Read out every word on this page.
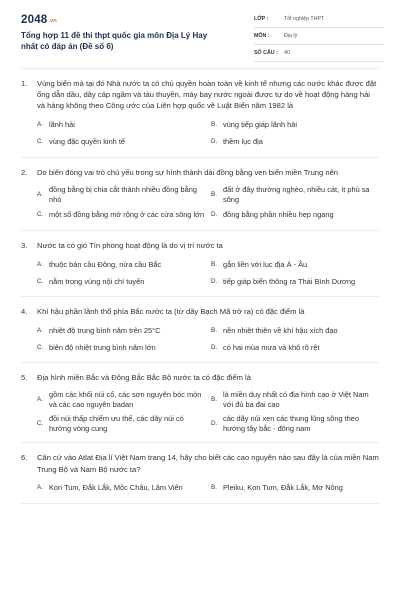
2048.vn
Tổng hợp 11 đề thi thpt quốc gia môn Địa Lý Hay nhất có đáp án (Đề số 6)
LỚP :	Tốt nghiệp THPT
MÔN :	Địa lý
SỐ CÂU : 40
1. Vùng biển mà tại đó Nhà nước ta có chủ quyền hoàn toàn về kinh tế nhưng các nước khác được đặt ống dẫn dầu, dây cáp ngầm và tàu thuyền, máy bay nước ngoài được tự do về hoạt động hàng hải và hàng không theo Công ước của Liên hợp quốc về Luật Biển năm 1982 là
A. lãnh hải	B. vùng tiếp giáp lãnh hải
C. vùng đặc quyền kinh tế	D. thềm lục địa
2. Do biển đóng vai trò chủ yếu trong sự hình thành dải đồng bằng ven biển miền Trung nên
A.
đồng bằng bị chia cắt thành nhiều đồng bằng nhỏ
B.
đất ở đây thường nghèo, nhiều cát, ít phù sa sông
C. một số đồng bằng mở rộng ở các cửa sông lớn D. đồng bằng phần nhiều hẹp ngang
3. Nước ta có gió Tín phong hoạt động là do vị trí nước ta
A. thuộc bán cầu Đông, nửa cầu Bắc	B. gắn liền với lục địa Á - Âu
C. nằm trong vùng nội chí tuyến	D. tiếp giáp biển thông ra Thái Bình Dương
4. Khí hậu phần lãnh thổ phía Bắc nước ta (từ dãy Bạch Mã trở ra) có đặc điểm là
A. nhiệt độ trung bình năm trên 25°C	B. nền nhiệt thiên về khí hậu xích đạo
C. biên độ nhiệt trung bình năm lớn	D. có hai mùa mưa và khô rõ rệt
5. Địa hình miền Bắc và Đông Bắc Bắc Bộ nước ta có đặc điểm là
A.
gồm các khối núi cổ, các sơn nguyên bóc mòn và các cao nguyên badan
B.
là miền duy nhất có địa hình cao ở Việt Nam với đủ ba đai cao
C.
đồi núi thấp chiếm ưu thế, các dãy núi có hướng vòng cung
D.
các dãy núi xen các thung lũng sông theo hướng tây bắc - đông nam
6. Căn cứ vào Atlat Địa lí Việt Nam trang 14, hãy cho biết các cao nguyên nào sau đây là của miền Nam Trung Bộ và Nam Bộ nước ta?
A. Kon Tum, Đắk Lắk, Mộc Châu, Lâm Viên	B. Pleiku, Kon Tum, Đắk Lắk, Mơ Nông
